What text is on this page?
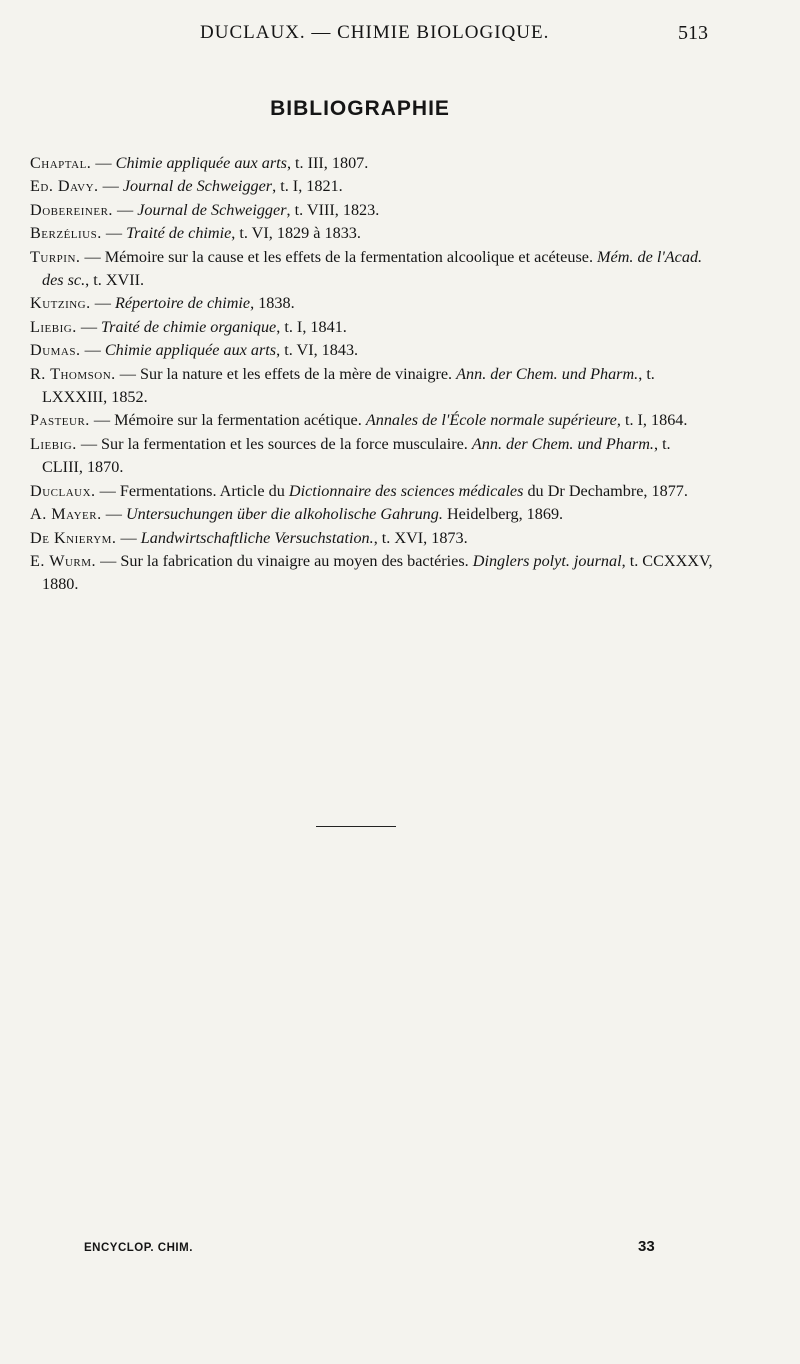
DUCLAUX. — CHIMIE BIOLOGIQUE.	513
BIBLIOGRAPHIE

Chaptal. — Chimie appliquée aux arts, t. III, 1807.

Ed. Davy. — Journal de Schweigger, t. I, 1821.

Dobereiner. — Journal de Schweigger, t. VIII, 1823.

Berzélius. — Traité de chimie, t. VI, 1829 à 1833.

Turpin. — Mémoire sur la cause et les effets de la fermentation alcoolique et acéteuse. Mém. de l'Acad. des sc., t. XVII.

Kutzing. — Répertoire de chimie, 1838.

Liebig. — Traité de chimie organique, t. I, 1841.

Dumas. — Chimie appliquée aux arts, t. VI, 1843.

R. Thomson. — Sur la nature et les effets de la mère de vinaigre. Ann. der Chem. und Pharm., t. LXXXIII, 1852.

Pasteur. — Mémoire sur la fermentation acétique. Annales de l'École normale supérieure, t. I, 1864.

Liebig. — Sur la fermentation et les sources de la force musculaire. Ann. der Chem. und Pharm., t. CLIII, 1870.

Duclaux. — Fermentations. Article du Dictionnaire des sciences médicales du Dr Dechambre, 1877.

A. Mayer. — Untersuchungen über die alkoholische Gahrung. Heidelberg, 1869.

De Knierym. — Landwirtschaftliche Versuchstation., t. XVI, 1873.

E. Wurm. — Sur la fabrication du vinaigre au moyen des bactéries. Dinglers polyt. journal, t. CCXXXV, 1880.

ENCYCLOP. CHIM.	33
